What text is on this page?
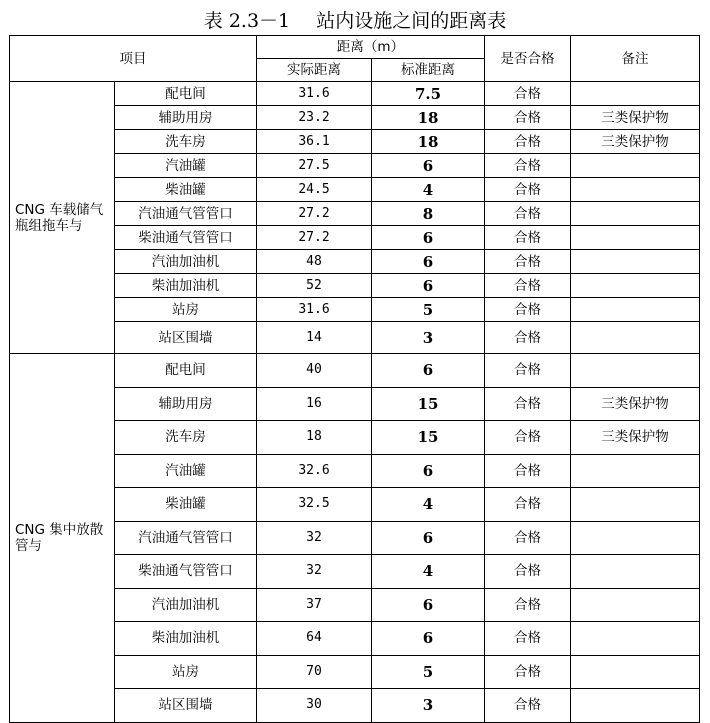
表 2.3－1 站内设施之间的距离表
项目		距离（m）		是否合格	备注
		实际距离	标准距离		
CNG 车载储气瓶组拖车与	配电间	31.6	7.5	合格	
	辅助用房	23.2	18	合格	三类保护物
	洗车房	36.1	18	合格	三类保护物
	汽油罐	27.5	6	合格	
	柴油罐	24.5	4	合格	
	汽油通气管管口	27.2	8	合格	
	柴油通气管管口	27.2	6	合格	
	汽油加油机	48	6	合格	
	柴油加油机	52	6	合格	
	站房	31.6	5	合格	
	站区围墙	14	3	合格	
CNG 集中放散管与	配电间	40	6	合格	
	辅助用房	16	15	合格	三类保护物
	洗车房	18	15	合格	三类保护物
	汽油罐	32.6	6	合格	
	柴油罐	32.5	4	合格	
	汽油通气管管口	32	6	合格	
	柴油通气管管口	32	4	合格	
	汽油加油机	37	6	合格	
	柴油加油机	64	6	合格	
	站房	70	5	合格	
	站区围墙	30	3	合格	
